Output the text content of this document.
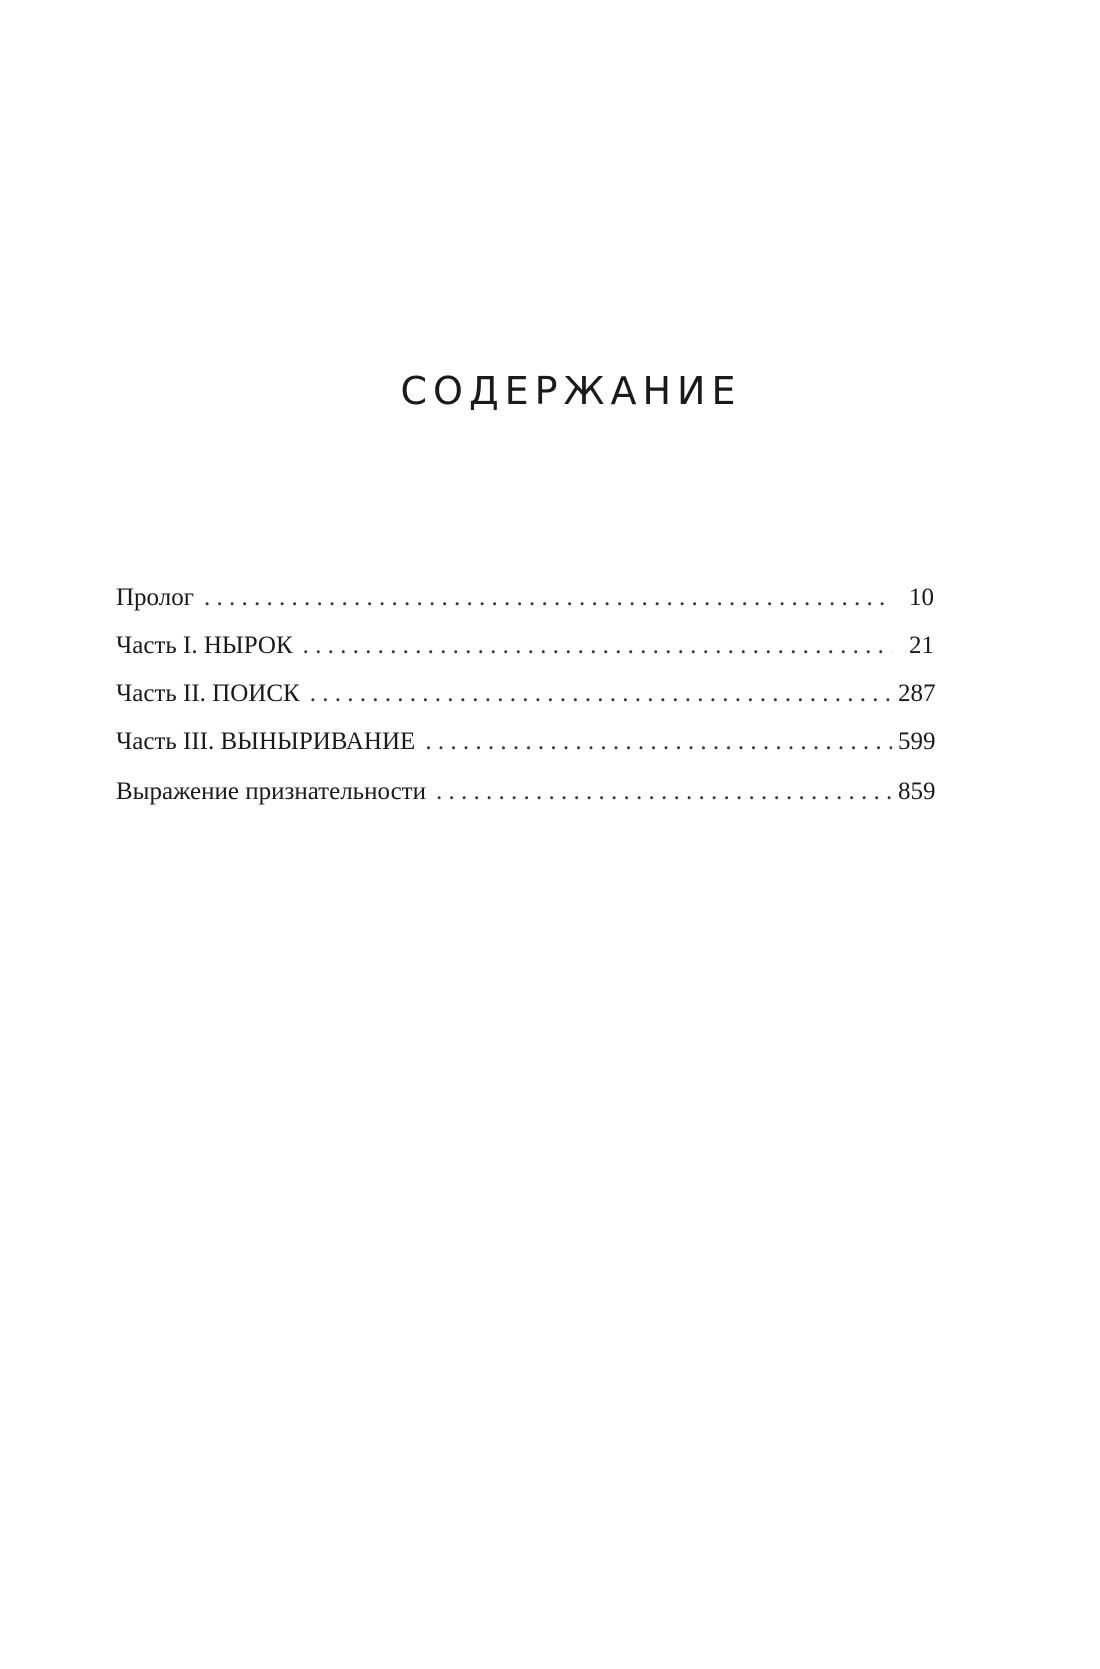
СОДЕРЖАНИЕ
Пролог . . .	10
Часть I. НЫРОК . . .	21
Часть II. ПОИСК . . .	287
Часть III. ВЫНЫРИВАНИЕ . . .	599
Выражение признательности . . .	859
